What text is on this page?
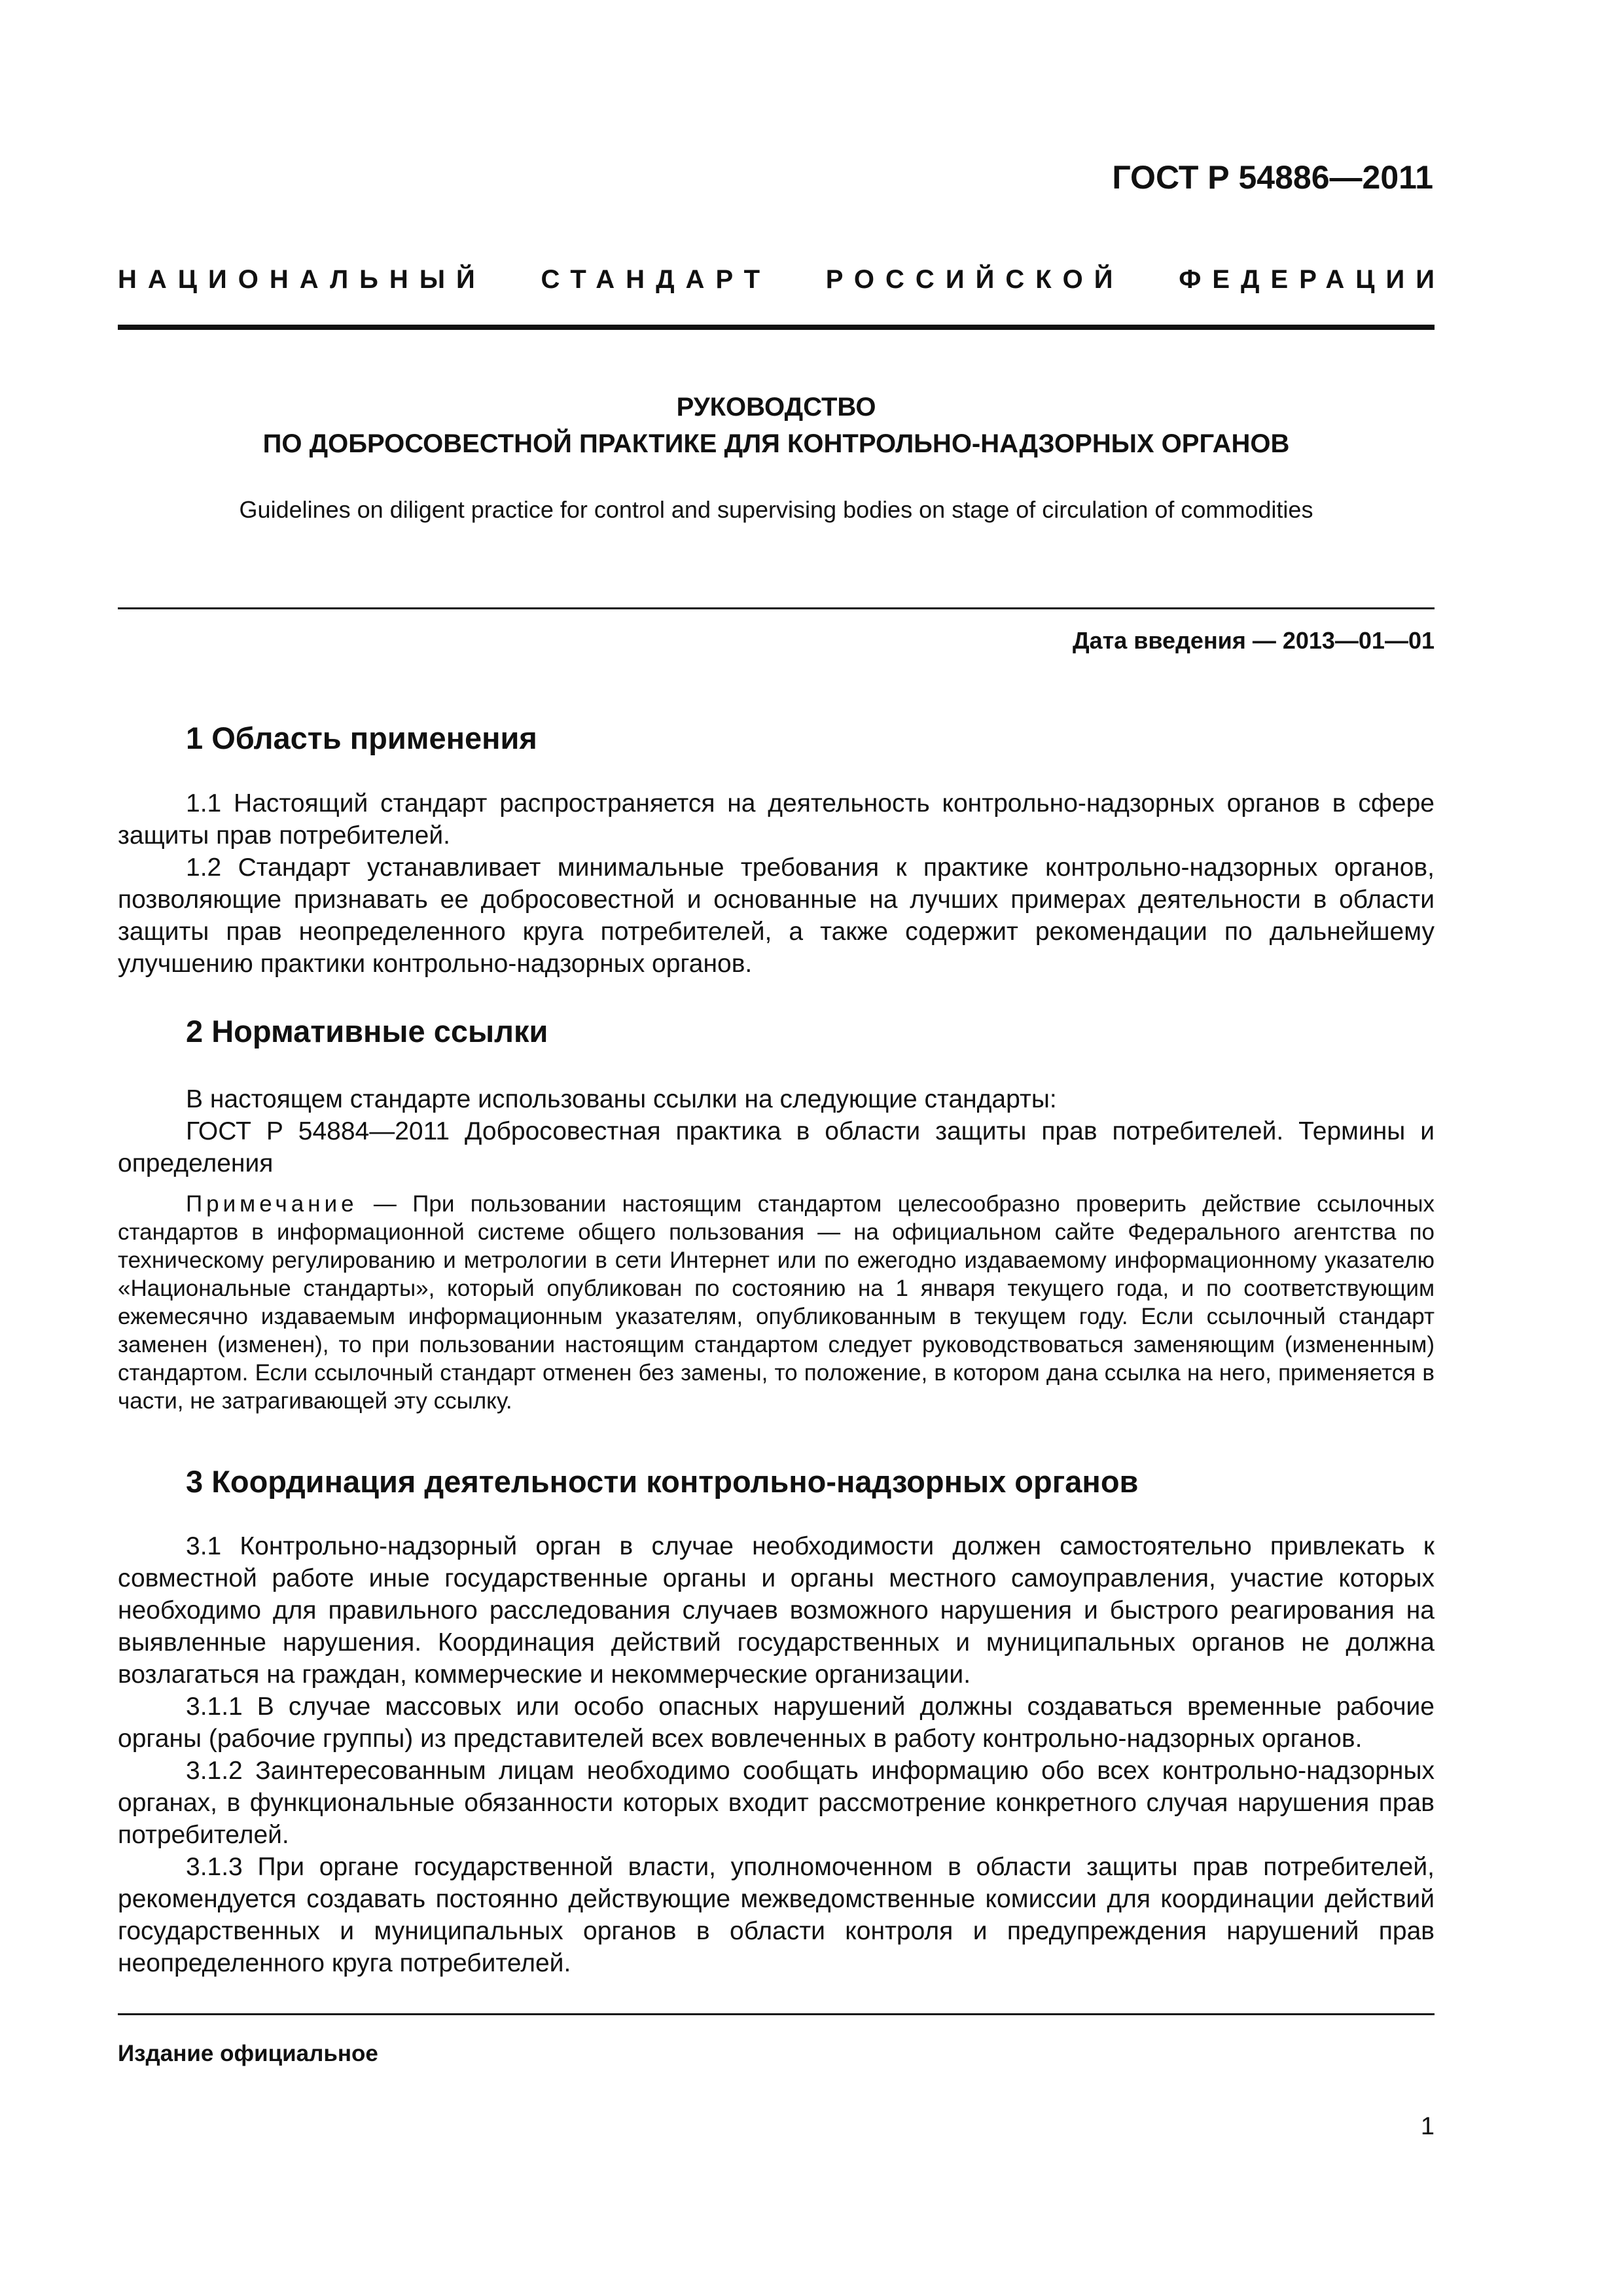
ГОСТ Р 54886—2011
НАЦИОНАЛЬНЫЙ СТАНДАРТ РОССИЙСКОЙ ФЕДЕРАЦИИ
РУКОВОДСТВО
ПО ДОБРОСОВЕСТНОЙ ПРАКТИКЕ ДЛЯ КОНТРОЛЬНО-НАДЗОРНЫХ ОРГАНОВ
Guidelines on diligent practice for control and supervising bodies on stage of circulation of commodities
Дата введения — 2013—01—01
1 Область применения

1.1 Настоящий стандарт распространяется на деятельность контрольно-надзорных органов в сфере защиты прав потребителей.

1.2 Стандарт устанавливает минимальные требования к практике контрольно-надзорных органов, позволяющие признавать ее добросовестной и основанные на лучших примерах деятельности в области защиты прав неопределенного круга потребителей, а также содержит рекомендации по дальнейшему улучшению практики контрольно-надзорных органов.

2 Нормативные ссылки

В настоящем стандарте использованы ссылки на следующие стандарты:

ГОСТ Р 54884—2011 Добросовестная практика в области защиты прав потребителей. Термины и определения

Примечание — При пользовании настоящим стандартом целесообразно проверить действие ссылочных стандартов в информационной системе общего пользования — на официальном сайте Федерального агентства по техническому регулированию и метрологии в сети Интернет или по ежегодно издаваемому информационному указателю «Национальные стандарты», который опубликован по состоянию на 1 января текущего года, и по соответствующим ежемесячно издаваемым информационным указателям, опубликованным в текущем году. Если ссылочный стандарт заменен (изменен), то при пользовании настоящим стандартом следует руководствоваться заменяющим (измененным) стандартом. Если ссылочный стандарт отменен без замены, то положение, в котором дана ссылка на него, применяется в части, не затрагивающей эту ссылку.

3 Координация деятельности контрольно-надзорных органов

3.1 Контрольно-надзорный орган в случае необходимости должен самостоятельно привлекать к совместной работе иные государственные органы и органы местного самоуправления, участие которых необходимо для правильного расследования случаев возможного нарушения и быстрого реагирования на выявленные нарушения. Координация действий государственных и муниципальных органов не должна возлагаться на граждан, коммерческие и некоммерческие организации.

3.1.1 В случае массовых или особо опасных нарушений должны создаваться временные рабочие органы (рабочие группы) из представителей всех вовлеченных в работу контрольно-надзорных органов.

3.1.2 Заинтересованным лицам необходимо сообщать информацию обо всех контрольно-надзорных органах, в функциональные обязанности которых входит рассмотрение конкретного случая нарушения прав потребителей.

3.1.3 При органе государственной власти, уполномоченном в области защиты прав потребителей, рекомендуется создавать постоянно действующие межведомственные комиссии для координации действий государственных и муниципальных органов в области контроля и предупреждения нарушений прав неопределенного круга потребителей.

Издание официальное
1
